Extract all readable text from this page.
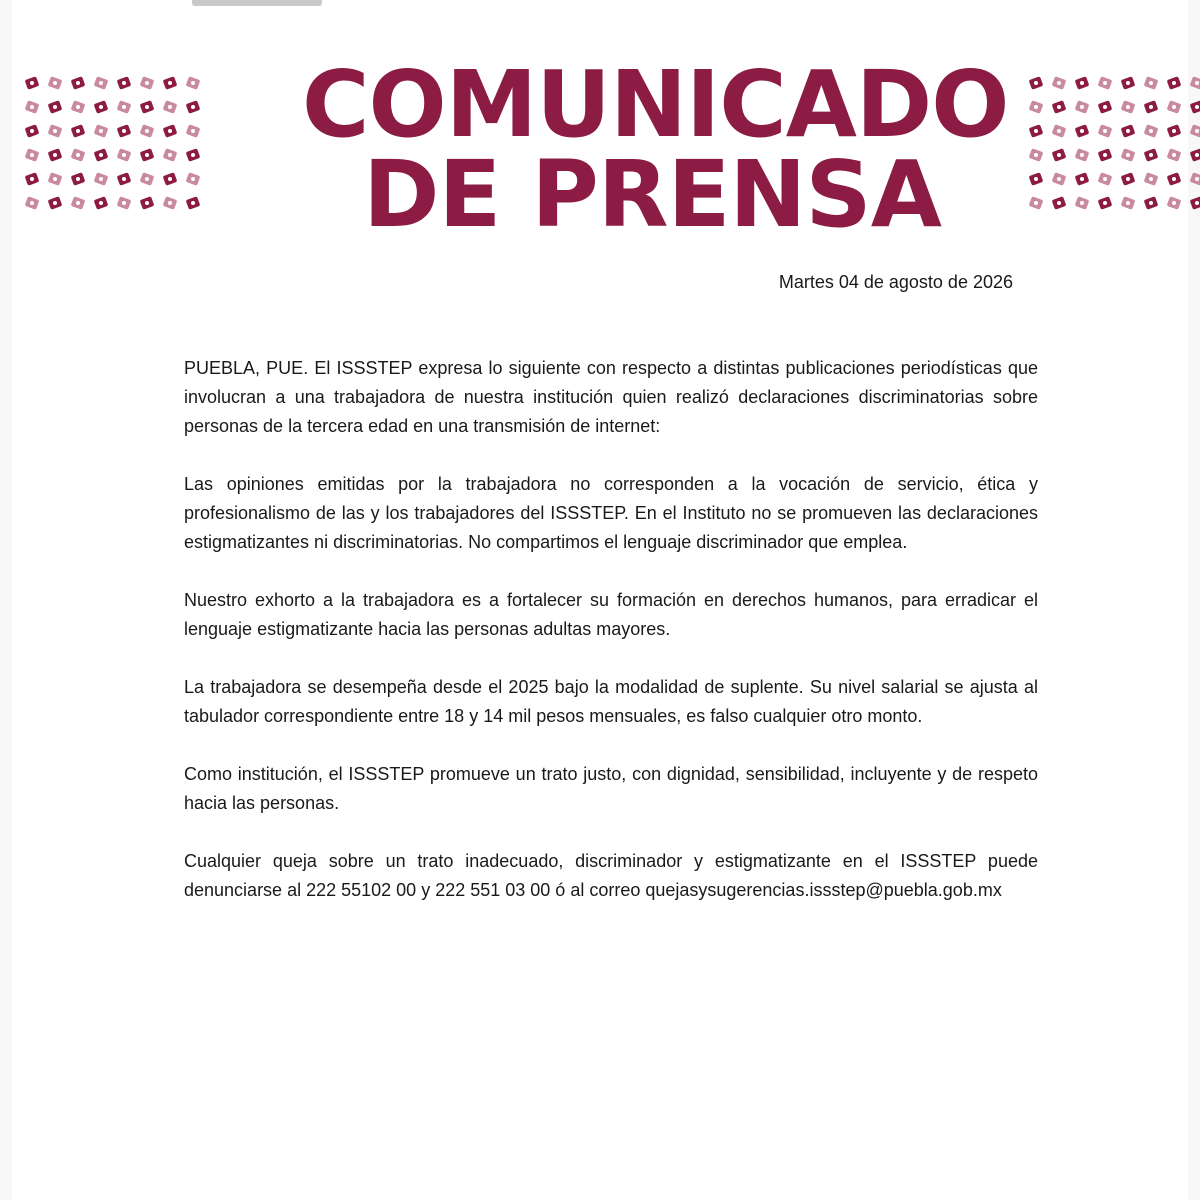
COMUNICADO
DE PRENSA
Martes 04 de agosto de 2026

PUEBLA, PUE. El ISSSTEP expresa lo siguiente con respecto a distintas publicaciones periodísticas que involucran a una trabajadora de nuestra institución quien realizó declaraciones discriminatorias sobre personas de la tercera edad en una transmisión de internet:

Las opiniones emitidas por la trabajadora no corresponden a la vocación de servicio, ética y profesionalismo de las y los trabajadores del ISSSTEP. En el Instituto no se promueven las declaraciones estigmatizantes ni discriminatorias. No compartimos el lenguaje discriminador que emplea.

Nuestro exhorto a la trabajadora es a fortalecer su formación en derechos humanos, para erradicar el lenguaje estigmatizante hacia las personas adultas mayores.

La trabajadora se desempeña desde el 2025 bajo la modalidad de suplente. Su nivel salarial se ajusta al tabulador correspondiente entre 18 y 14 mil pesos mensuales, es falso cualquier otro monto.

Como institución, el ISSSTEP promueve un trato justo, con dignidad, sensibilidad, incluyente y de respeto hacia las personas.

Cualquier queja sobre un trato inadecuado, discriminador y estigmatizante en el ISSSTEP puede denunciarse al 222 55102 00 y 222 551 03 00 ó al correo quejasysugerencias.issstep@puebla.gob.mx
